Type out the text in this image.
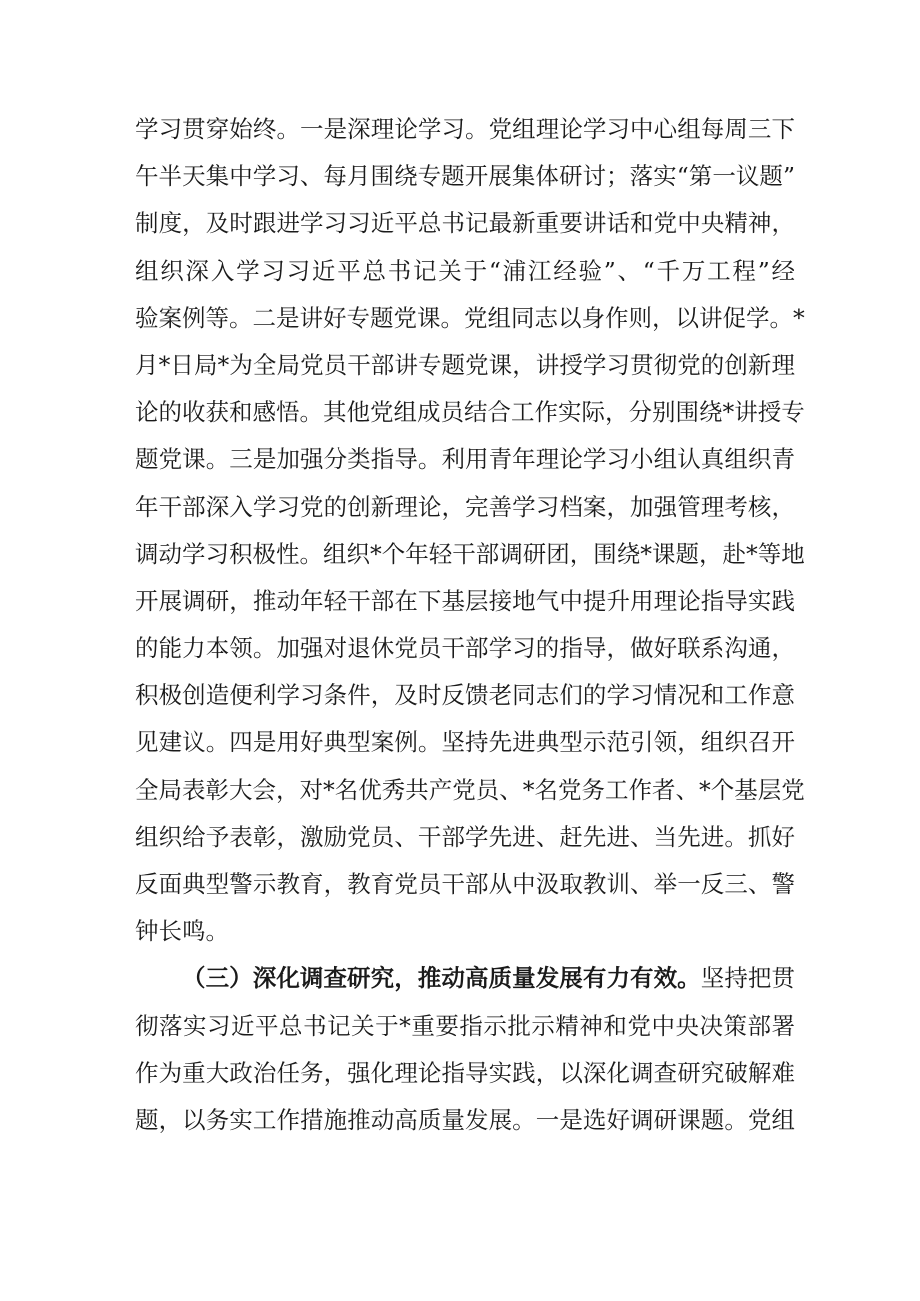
学习贯穿始终。一是深理论学习。党组理论学习中心组每周三下
午半天集中学习、每月围绕专题开展集体研讨；落实“第一议题”
制度，及时跟进学习习近平总书记最新重要讲话和党中央精神，
组织深入学习习近平总书记关于“浦江经验”、“千万工程”经
验案例等。二是讲好专题党课。党组同志以身作则，以讲促学。*
月*日局*为全局党员干部讲专题党课，讲授学习贯彻党的创新理
论的收获和感悟。其他党组成员结合工作实际，分别围绕*讲授专
题党课。三是加强分类指导。利用青年理论学习小组认真组织青
年干部深入学习党的创新理论，完善学习档案，加强管理考核，
调动学习积极性。组织*个年轻干部调研团，围绕*课题，赴*等地
开展调研，推动年轻干部在下基层接地气中提升用理论指导实践
的能力本领。加强对退休党员干部学习的指导，做好联系沟通，
积极创造便利学习条件，及时反馈老同志们的学习情况和工作意
见建议。四是用好典型案例。坚持先进典型示范引领，组织召开
全局表彰大会，对*名优秀共产党员、*名党务工作者、*个基层党
组织给予表彰，激励党员、干部学先进、赶先进、当先进。抓好
反面典型警示教育，教育党员干部从中汲取教训、举一反三、警
钟长鸣。
（三）深化调查研究，推动高质量发展有力有效。坚持把贯
彻落实习近平总书记关于*重要指示批示精神和党中央决策部署
作为重大政治任务，强化理论指导实践，以深化调查研究破解难
题，以务实工作措施推动高质量发展。一是选好调研课题。党组
